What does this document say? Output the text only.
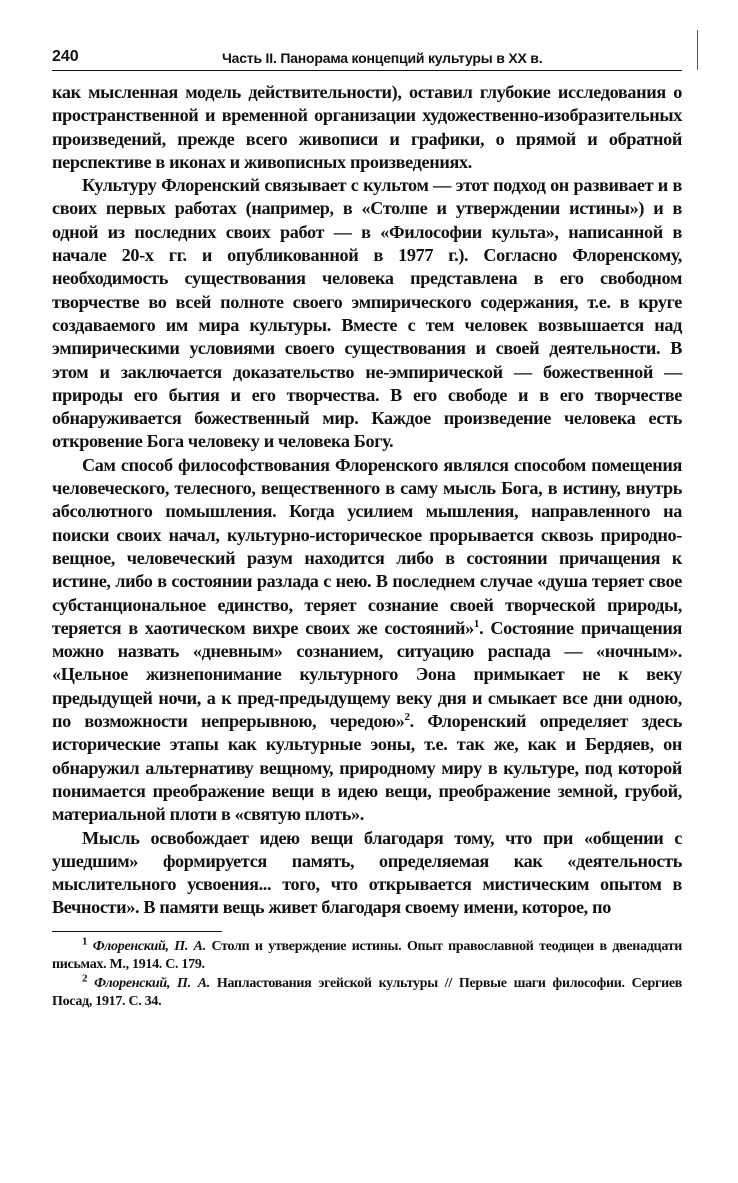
240	Часть II. Панорама концепций культуры в XX в.

как мысленная модель действительности), оставил глубокие исследования о пространственной и временной организации художественно-изобразительных произведений, прежде всего живописи и графики, о прямой и обратной перспективе в иконах и живописных произведениях.

Культуру Флоренский связывает с культом — этот подход он развивает и в своих первых работах (например, в «Столпе и утверждении истины») и в одной из последних своих работ — в «Философии культа», написанной в начале 20-х гг. и опубликованной в 1977 г.). Согласно Флоренскому, необходимость существования человека представлена в его свободном творчестве во всей полноте своего эмпирического содержания, т.е. в круге создаваемого им мира культуры. Вместе с тем человек возвышается над эмпирическими условиями своего существования и своей деятельности. В этом и заключается доказательство не-эмпирической — божественной — природы его бытия и его творчества. В его свободе и в его творчестве обнаруживается божественный мир. Каждое произведение человека есть откровение Бога человеку и человека Богу.

Сам способ философствования Флоренского являлся способом помещения человеческого, телесного, вещественного в саму мысль Бога, в истину, внутрь абсолютного помышления. Когда усилием мышления, направленного на поиски своих начал, культурно-историческое прорывается сквозь природно-вещное, человеческий разум находится либо в состоянии причащения к истине, либо в состоянии разлада с нею. В последнем случае «душа теряет свое субстанциональное единство, теряет сознание своей творческой природы, теряется в хаотическом вихре своих же состояний»$^1$. Состояние причащения можно назвать «дневным» сознанием, ситуацию распада — «ночным». «Цельное жизнепонимание культурного Эона примыкает не к веку предыдущей ночи, а к пред-предыдущему веку дня и смыкает все дни одною, по возможности непрерывною, чередою»$^2$. Флоренский определяет здесь исторические этапы как культурные эоны, т.е. так же, как и Бердяев, он обнаружил альтернативу вещному, природному миру в культуре, под которой понимается преображение вещи в идею вещи, преображение земной, грубой, материальной плоти в «святую плоть».

Мысль освобождает идею вещи благодаря тому, что при «общении с ушедшим» формируется память, определяемая как «деятельность мыслительного усвоения... того, что открывается мистическим опытом в Вечности». В памяти вещь живет благодаря своему имени, которое, по

$^1$ Флоренский, П. А. Столп и утверждение истины. Опыт православной теодицеи в двенадцати письмах. М., 1914. С. 179.

$^2$ Флоренский, П. А. Напластования эгейской культуры // Первые шаги философии. Сергиев Посад, 1917. С. 34.
